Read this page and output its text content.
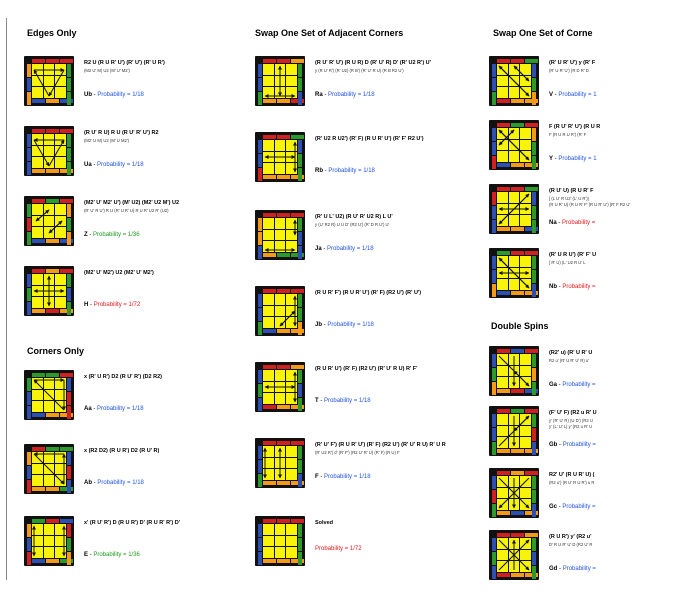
Edges Only
Corners Only
Swap One Set of Adjacent Corners	Swap One Set of Corne
Double Spins
R2 U (R U R' U') (R' U') (R' U R')
(M2 U' M) U2 (M' U' M2')
Ub - Probability = 1/18
(R U' R U) R U (R U' R' U') R2
(M2' U M) U2 (M' U M2')
Ua - Probability = 1/18
(M2' U' M2' U') (M' U2) (M2' U2 M') U2
(R' U' R U') R U (R' U R' U) R U R' U2 R' (U2)
Z - Probability = 1/36
(M2' U' M2') U2 (M2' U' M2')
H - Probability = 1/72
x (R' U R') D2 (R U' R') (D2 R2)
Aa - Probability = 1/18
x (R2 D2) (R U R') D2 (R U' R)
Ab - Probability = 1/18
x' (R U' R') D (R U R') D' (R U R' R') D'
E - Probability = 1/36
(R U' R' U') (R U R) D (R' U' R) D' (R' U2 R') U'
y (R U' R') (R' U2) (R B') (R' U' R U) (R B R2 U')
Ra - Probability = 1/18
(R' U2 R U2') (R' F) (R U R' U') (R' F' R2 U')
Rb - Probability = 1/18
(R' U L' U2) (R U' R' U2 R) L U'
y (U' R2 R) U U D' (R2 U') (R' D R U') U'
Ja - Probability = 1/18
(R U R' F') (R U R' U') (R' F) (R2 U') (R' U')
Jb - Probability = 1/18
(R U R' U') (R' F) (R2 U') (R' U' R U) R' F'
T - Probability = 1/18
(R' U' F') (R U R' U') (R' F) (R2 U') (R' U' R U) R' U R
(R' U2 R') d' (R' F') (R2 U' R' U) (R' F) (R U) F
F - Probability = 1/18
Solved
Probability = 1/72
(R' U R' U') y (R' F
(R' U R' U') (R D R' D
V - Probability = 1
F (R U' R' U') (R U R
F (R U R U R') (R' F
Y - Probability = 1
(R U' U) (R U R' F
[ (L U' R U2' (L' U R'))
(R U R' U) (R U R' F' (R U R' U') (R' F R2 U'
Na - Probability =
(R' U R U') (R' F' U
[ R' U) (L' U2 R U' L
Nb - Probability =
(R2' u) (R' U R' U
R2 u' (R' U R' U' R) u'
Ga - Probability =
(F' U' F) (R2 u R' U
y' (R' U' R) (U D') (R2 U
y' (L' U' L) y' (R2 u R' U
Gb - Probability =
R2' U' (R U R' U) (
(R2 u') (R U' R U R') u R
Gc - Probability =
(R U R') y' (R2 u'
D' R U R' U' D (R2 U' R
Gd - Probability =
